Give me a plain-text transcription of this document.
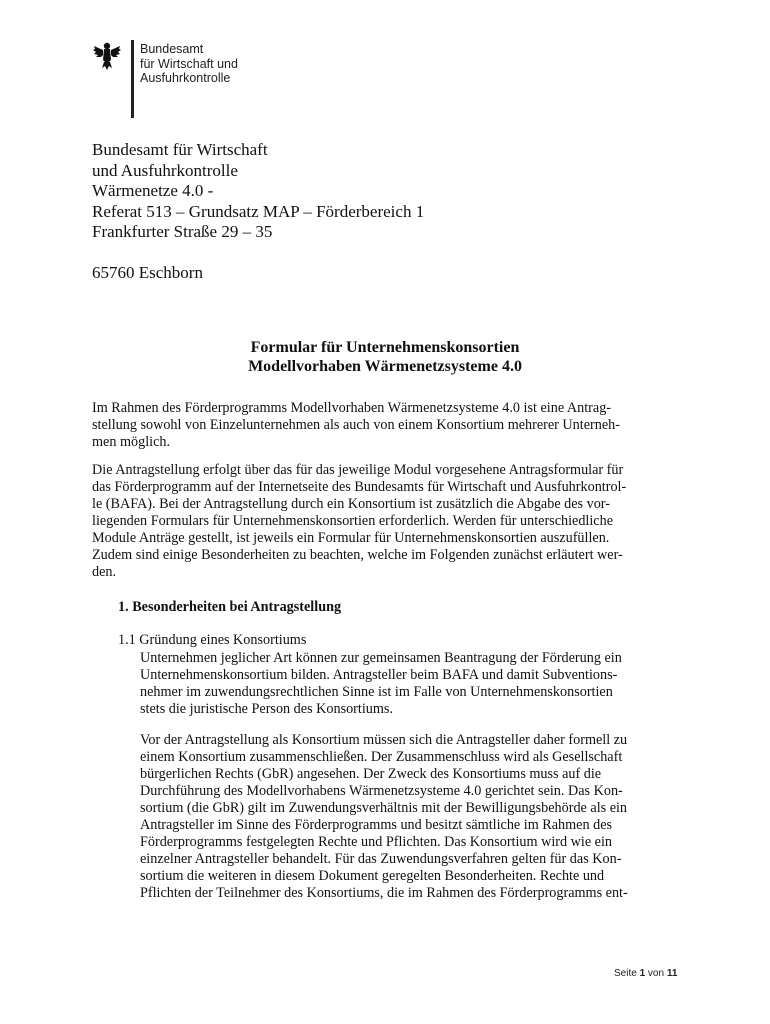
Bundesamt
für Wirtschaft und
Ausfuhrkontrolle
Bundesamt für Wirtschaft
und Ausfuhrkontrolle
Wärmenetze 4.0 -
Referat 513 – Grundsatz MAP – Förderbereich 1
Frankfurter Straße 29 – 35
65760 Eschborn
Formular für Unternehmenskonsortien
Modellvorhaben Wärmenetzsysteme 4.0
Im Rahmen des Förderprogramms Modellvorhaben Wärmenetzsysteme 4.0 ist eine Antrag-
stellung sowohl von Einzelunternehmen als auch von einem Konsortium mehrerer Unterneh-
men möglich.
Die Antragstellung erfolgt über das für das jeweilige Modul vorgesehene Antragsformular für
das Förderprogramm auf der Internetseite des Bundesamts für Wirtschaft und Ausfuhrkontrol-
le (BAFA). Bei der Antragstellung durch ein Konsortium ist zusätzlich die Abgabe des vor-
liegenden Formulars für Unternehmenskonsortien erforderlich. Werden für unterschiedliche
Module Anträge gestellt, ist jeweils ein Formular für Unternehmenskonsortien auszufüllen.
Zudem sind einige Besonderheiten zu beachten, welche im Folgenden zunächst erläutert wer-
den.
1. Besonderheiten bei Antragstellung
1.1 Gründung eines Konsortiums
Unternehmen jeglicher Art können zur gemeinsamen Beantragung der Förderung ein
Unternehmenskonsortium bilden. Antragsteller beim BAFA und damit Subventions-
nehmer im zuwendungsrechtlichen Sinne ist im Falle von Unternehmenskonsortien
stets die juristische Person des Konsortiums.
Vor der Antragstellung als Konsortium müssen sich die Antragsteller daher formell zu
einem Konsortium zusammenschließen. Der Zusammenschluss wird als Gesellschaft
bürgerlichen Rechts (GbR) angesehen. Der Zweck des Konsortiums muss auf die
Durchführung des Modellvorhabens Wärmenetzsysteme 4.0 gerichtet sein. Das Kon-
sortium (die GbR) gilt im Zuwendungsverhältnis mit der Bewilligungsbehörde als ein
Antragsteller im Sinne des Förderprogramms und besitzt sämtliche im Rahmen des
Förderprogramms festgelegten Rechte und Pflichten. Das Konsortium wird wie ein
einzelner Antragsteller behandelt. Für das Zuwendungsverfahren gelten für das Kon-
sortium die weiteren in diesem Dokument geregelten Besonderheiten. Rechte und
Pflichten der Teilnehmer des Konsortiums, die im Rahmen des Förderprogramms ent-
Seite 1 von 11
